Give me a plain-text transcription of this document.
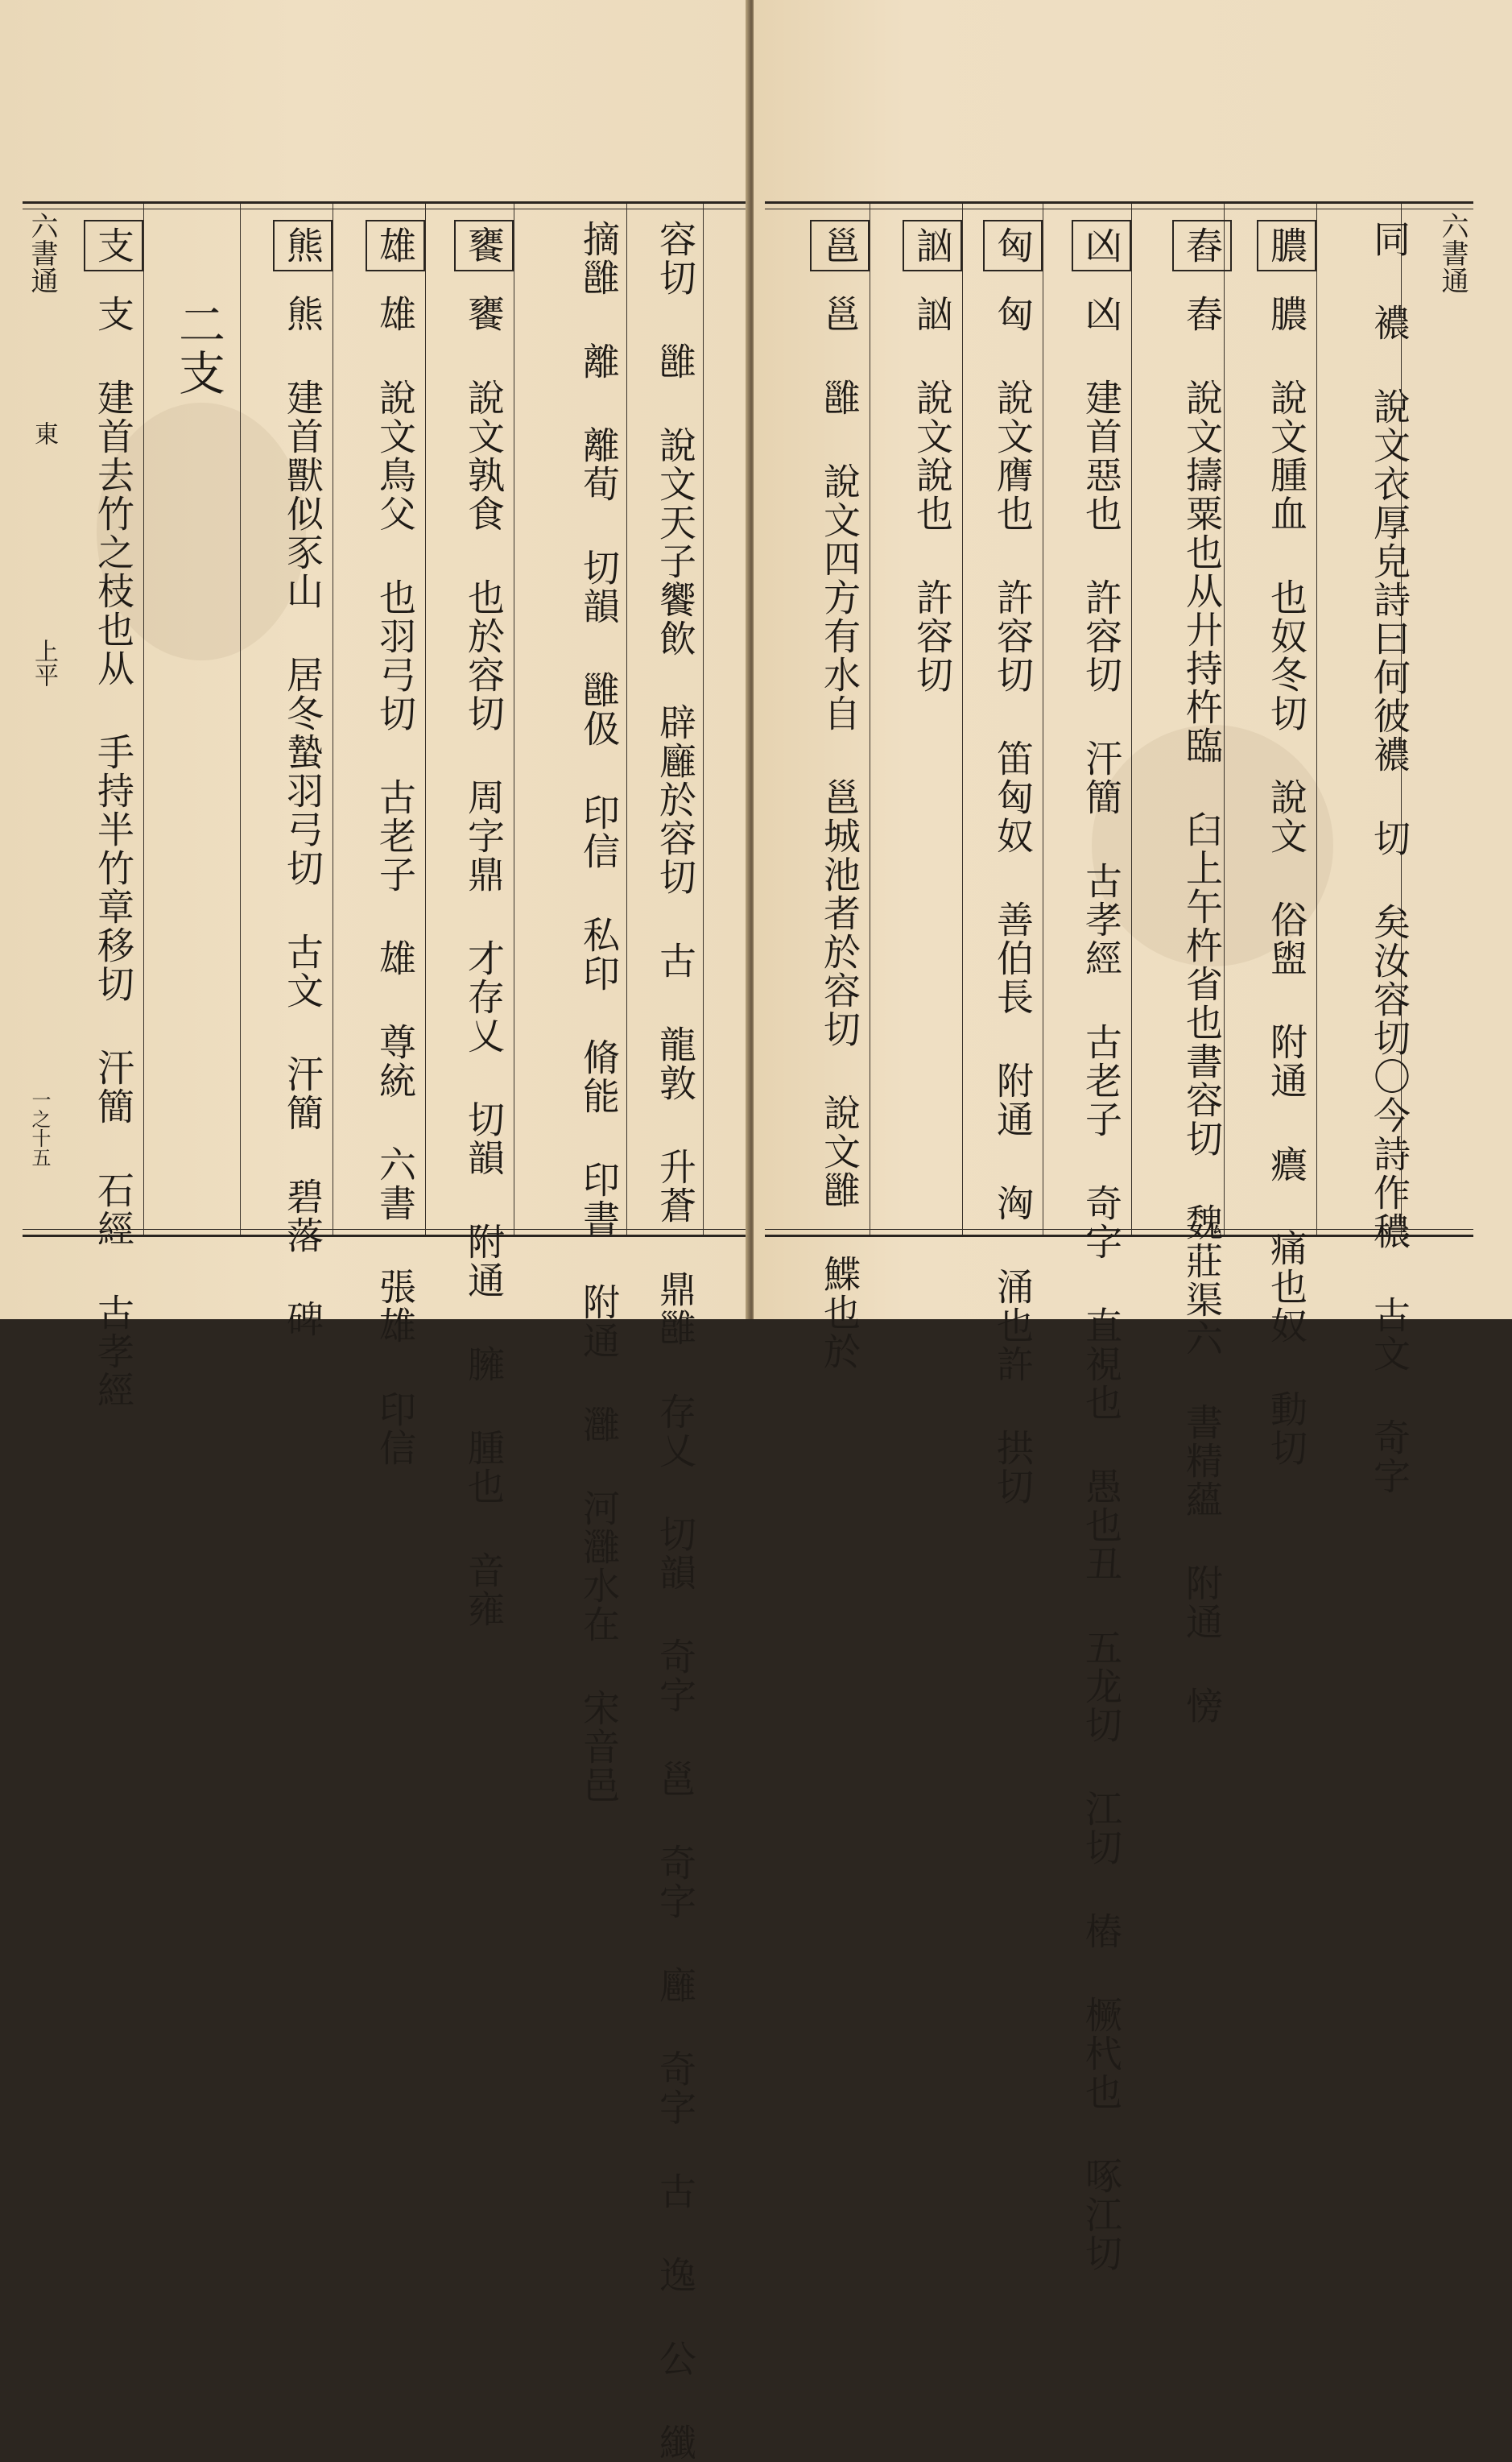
容切 雝 說文天子饗飲 辟廱於容切 古 龍敦 升蒼 鼎雝 存乂 切韻 奇字 邕 奇字 廱 奇字 古 逸 公 纖
摘雝 離 離荀 切韻 雝伋 印信 私印 脩能 印書 附通 灉 河灉水在 宋音邑
饔 饔 說文孰食 也於容切 周字鼎 才存乂 切韻 附通 臃 腫也 音雍
雄 雄 說文鳥父 也羽弓切 古老子 雄 尊統 六書 張雄 印信
熊 熊 建首獸似豕山 居冬蟄羽弓切 古文 汗簡 碧落 碑
二支
支 支 建首去竹之枝也从 手持半竹章移切 汗簡 石經 古孝經
六書通
東
上平
一之十五
六書通
同 襛 說文衣厚皃詩曰何彼襛 切 矣汝容切〇今詩作穠 古文 奇字
膿 膿 說文腫血 也奴冬切 說文 俗盥 附通 癑 痛也奴 動切
舂 舂 說文擣粟也从廾持杵臨 臼上午杵省也書容切 魏莊渠六 書精蘊 附通 㥬
凶 凶 建首惡也 許容切 汗簡 古孝經 古老子 奇字 直視也 愚也丑 五龙切 江切 樁 橛杙也 啄江切
匈 匈 說文膺也 許容切 笛匈奴 善伯長 附通 洶 涌也許 拱切
訩 訩 說文說也 許容切
邕 邕 雝 說文四方有水自 邕城池者於容切 說文雝 鰈也於
